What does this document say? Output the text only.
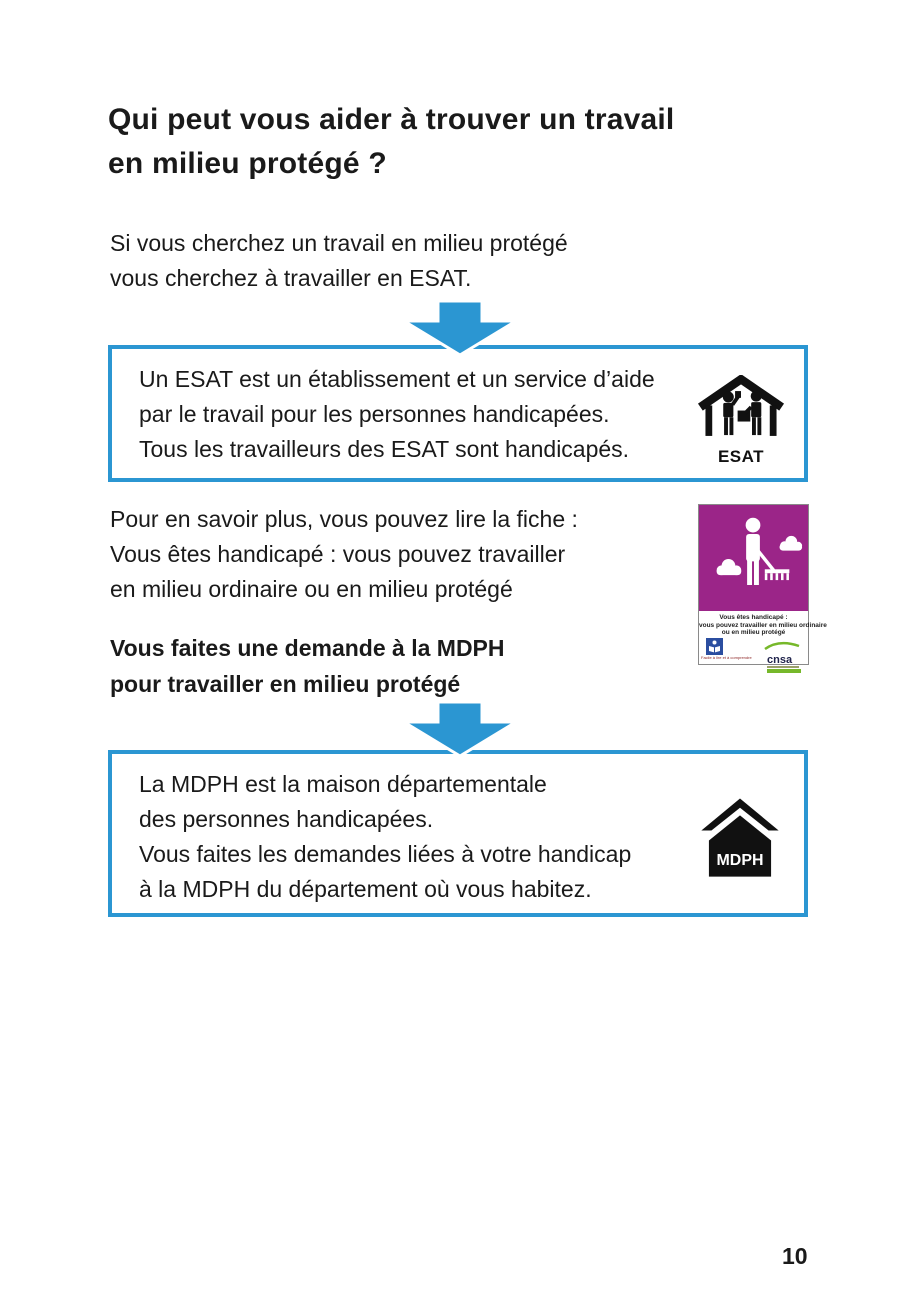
Qui peut vous aider à trouver un travail
en milieu protégé ?
Si vous cherchez un travail en milieu protégé
vous cherchez à travailler en ESAT.
Un ESAT est un établissement et un service d’aide
par le travail pour les personnes handicapées.
Tous les travailleurs des ESAT sont handicapés.	ESAT
Pour en savoir plus, vous pouvez lire la fiche :
Vous êtes handicapé : vous pouvez travailler
en milieu ordinaire ou en milieu protégé
Vous êtes handicapé :
vous pouvez travailler en milieu ordinaire
ou en milieu protégé
Facile à lire et à comprendre	cnsa
Vous faites une demande à la MDPH
pour travailler en milieu protégé
La MDPH est la maison départementale
des personnes handicapées.
Vous faites les demandes liées à votre handicap
à la MDPH du département où vous habitez.
MDPH
10
